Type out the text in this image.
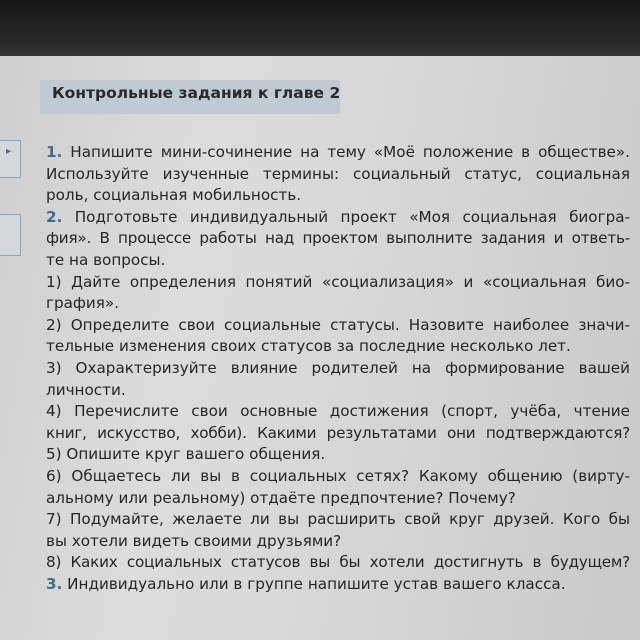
▸
Контрольные задания к главе 2
1. Напишите мини-сочинение на тему «Моё положение в обществе».
Используйте изученные термины: социальный статус, социальная
роль, социальная мобильность.
2. Подготовьте индивидуальный проект «Моя социальная биогра-
фия». В процессе работы над проектом выполните задания и ответь-
те на вопросы.
1) Дайте определения понятий «социализация» и «социальная био-
графия».
2) Определите свои социальные статусы. Назовите наиболее значи-
тельные изменения своих статусов за последние несколько лет.
3) Охарактеризуйте влияние родителей на формирование вашей
личности.
4) Перечислите свои основные достижения (спорт, учёба, чтение
книг, искусство, хобби). Какими результатами они подтверждаются?
5) Опишите круг вашего общения.
6) Общаетесь ли вы в социальных сетях? Какому общению (вирту-
альному или реальному) отдаёте предпочтение? Почему?
7) Подумайте, желаете ли вы расширить свой круг друзей. Кого бы
вы хотели видеть своими друзьями?
8) Каких социальных статусов вы бы хотели достигнуть в будущем?
3. Индивидуально или в группе напишите устав вашего класса.
